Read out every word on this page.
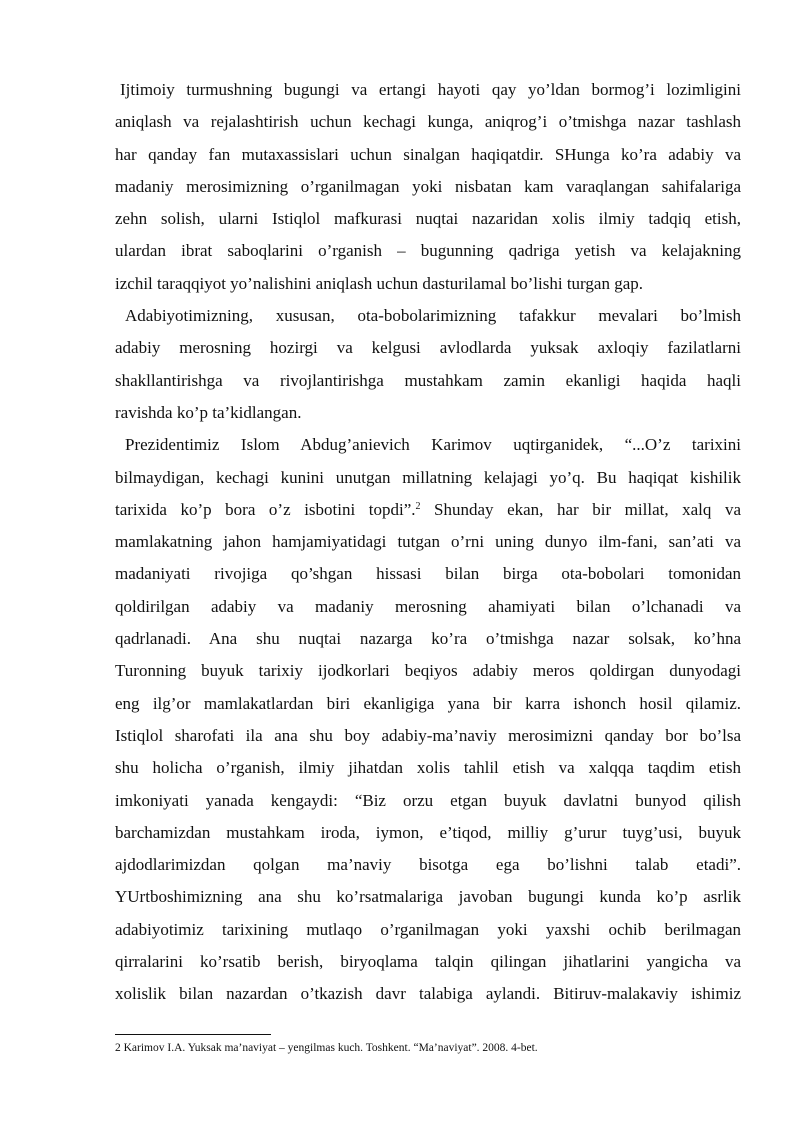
Ijtimoiy turmushning bugungi va ertangi hayoti qay yo’ldan bormog’i lozimligini
aniqlash va rejalashtirish uchun kechagi kunga, aniqrog’i o’tmishga nazar tashlash
har qanday fan mutaxassislari uchun sinalgan haqiqatdir. SHunga ko’ra adabiy va
madaniy merosimizning o’rganilmagan yoki nisbatan kam varaqlangan sahifalariga
zehn solish, ularni Istiqlol mafkurasi nuqtai nazaridan xolis ilmiy tadqiq etish,
ulardan ibrat saboqlarini o’rganish – bugunning qadriga yetish va kelajakning
izchil taraqqiyot yo’nalishini aniqlash uchun dasturilamal bo’lishi turgan gap.
Adabiyotimizning, xususan, ota-bobolarimizning tafakkur mevalari bo’lmish
adabiy merosning hozirgi va kelgusi avlodlarda yuksak axloqiy fazilatlarni
shakllantirishga va rivojlantirishga mustahkam zamin ekanligi haqida haqli
ravishda ko’p ta’kidlangan.
Prezidentimiz Islom Abdug’anievich Karimov uqtirganidek, “...O’z tarixini
bilmaydigan, kechagi kunini unutgan millatning kelajagi yo’q. Bu haqiqat kishilik
tarixida ko’p bora o’z isbotini topdi”.$^2$ Shunday ekan, har bir millat, xalq va
mamlakatning jahon hamjamiyatidagi tutgan o’rni uning dunyo ilm-fani, san’ati va
madaniyati rivojiga qo’shgan hissasi bilan birga ota-bobolari tomonidan
qoldirilgan adabiy va madaniy merosning ahamiyati bilan o’lchanadi va
qadrlanadi. Ana shu nuqtai nazarga ko’ra o’tmishga nazar solsak, ko’hna
Turonning buyuk tarixiy ijodkorlari beqiyos adabiy meros qoldirgan dunyodagi
eng ilg’or mamlakatlardan biri ekanligiga yana bir karra ishonch hosil qilamiz.
Istiqlol sharofati ila ana shu boy adabiy-ma’naviy merosimizni qanday bor bo’lsa
shu holicha o’rganish, ilmiy jihatdan xolis tahlil etish va xalqqa taqdim etish
imkoniyati yanada kengaydi: “Biz orzu etgan buyuk davlatni bunyod qilish
barchamizdan mustahkam iroda, iymon, e’tiqod, milliy g’urur tuyg’usi, buyuk
ajdodlarimizdan qolgan ma’naviy bisotga ega bo’lishni talab etadi”.
YUrtboshimizning ana shu ko’rsatmalariga javoban bugungi kunda ko’p asrlik
adabiyotimiz tarixining mutlaqo o’rganilmagan yoki yaxshi ochib berilmagan
qirralarini ko’rsatib berish, biryoqlama talqin qilingan jihatlarini yangicha va
xolislik bilan nazardan o’tkazish davr talabiga aylandi. Bitiruv-malakaviy ishimiz
2 Karimov I.A. Yuksak ma’naviyat – yengilmas kuch. Toshkent. “Ma’naviyat”. 2008. 4-bet.
